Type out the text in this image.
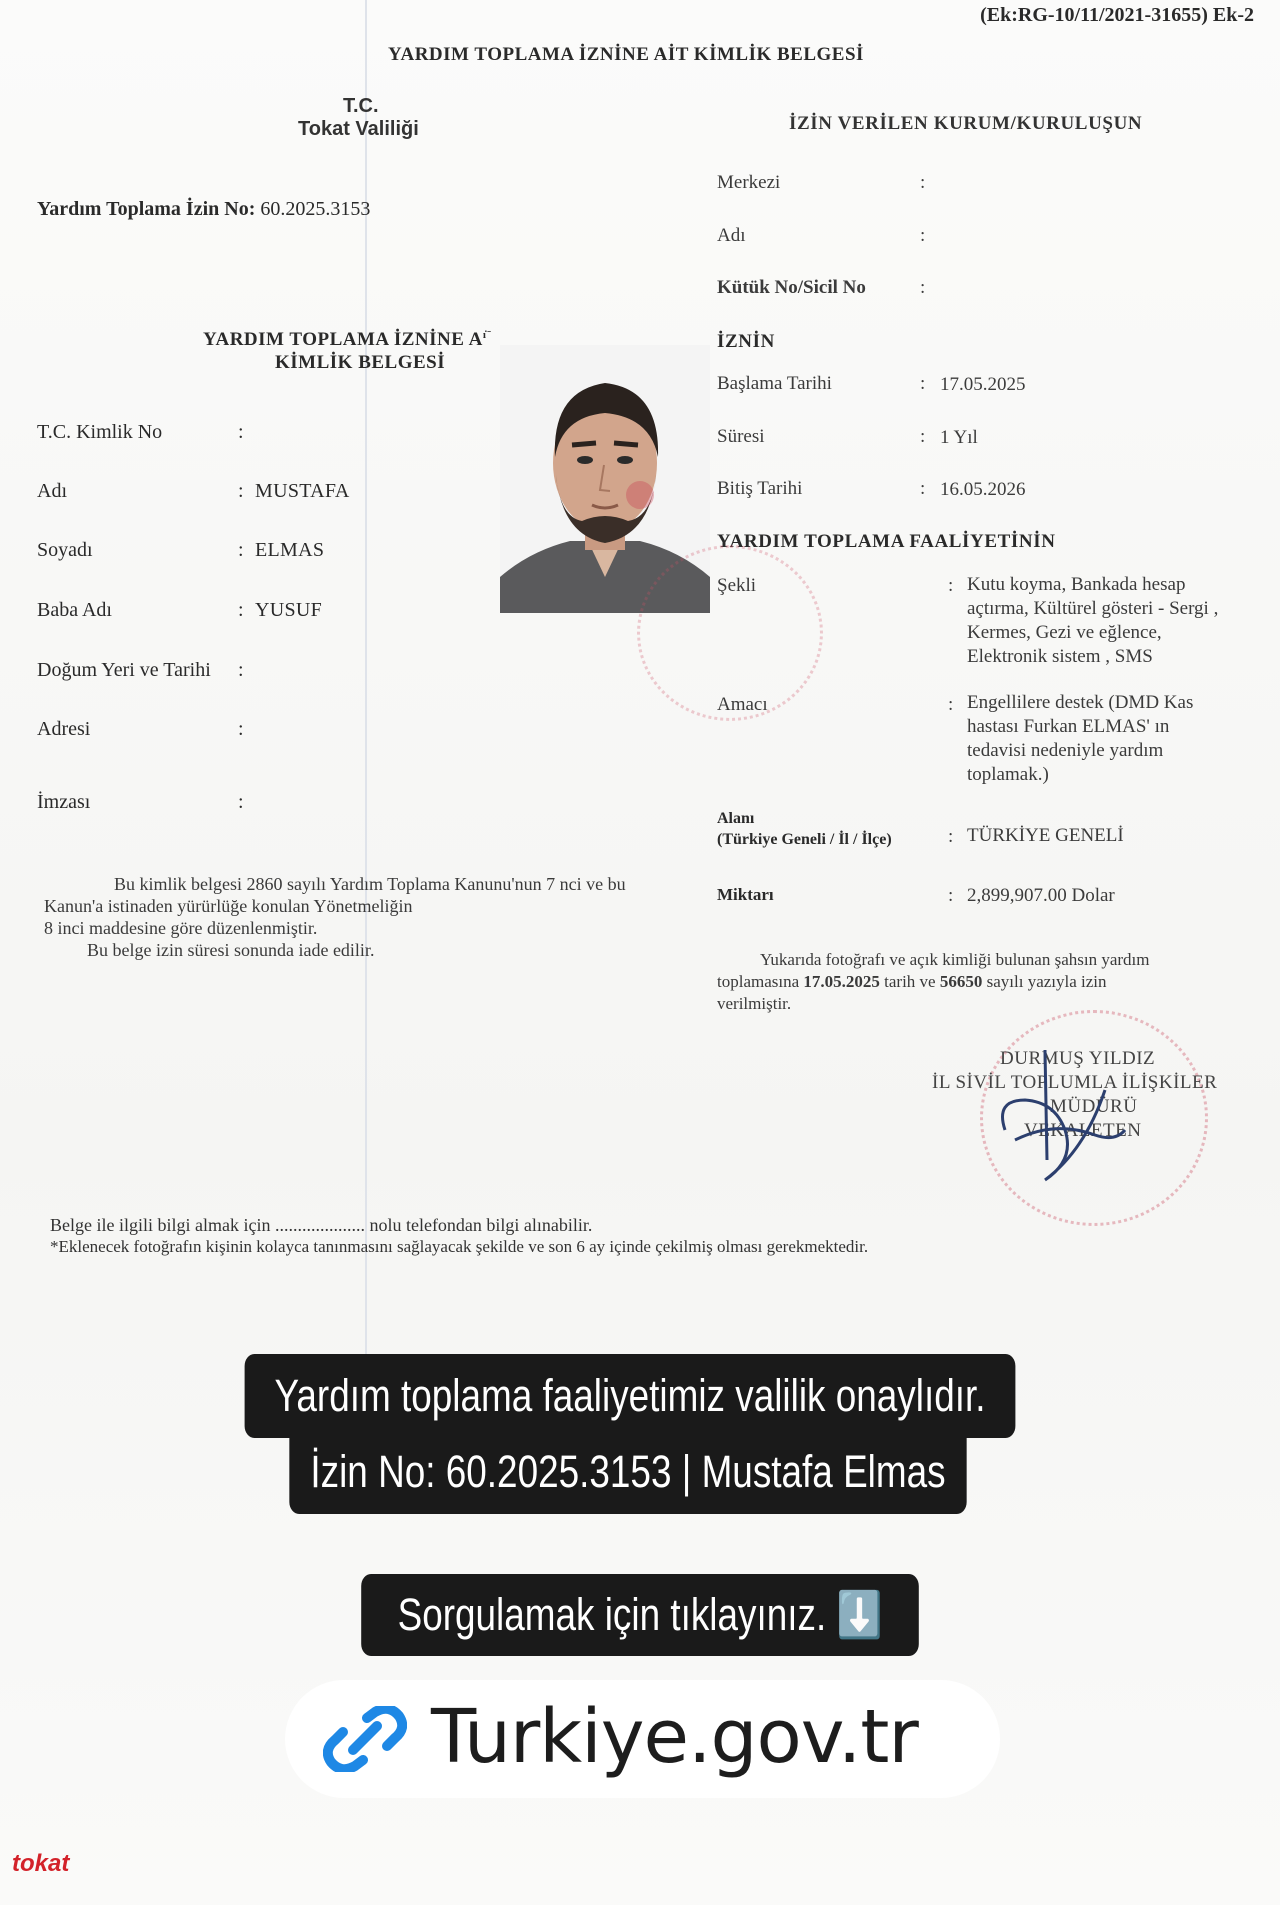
(Ek:RG-10/11/2021-31655) Ek-2
YARDIM TOPLAMA İZNİNE AİT KİMLİK BELGESİ
T.C.
Tokat Valiliği
Yardım Toplama İzin No: 60.2025.3153
YARDIM TOPLAMA İZNİNE $A^{ı̇ ̄}$
KİMLİK BELGESİ
T.C. Kimlik No	:
Adı	: MUSTAFA
Soyadı	: ELMAS
Baba Adı	: YUSUF
Doğum Yeri ve Tarihi :
Adresi	:
İmzası	:
Bu kimlik belgesi 2860 sayılı Yardım Toplama Kanunu'nun 7 nci ve bu
Kanun'a istinaden yürürlüğe konulan Yönetmeliğin
8 inci maddesine göre düzenlenmiştir.
Bu belge izin süresi sonunda iade edilir.
İZİN VERİLEN KURUM/KURULUŞUN
Merkezi	:
Adı	:
Kütük No/Sicil No	:
İZNİN
Başlama Tarihi	: 17.05.2025
Süresi	: 1 Yıl
Bitiş Tarihi	: 16.05.2026
YARDIM TOPLAMA FAALİYETİNİN
Şekli	: Kutu koyma, Bankada hesap
açtırma, Kültürel gösteri - Sergi ,
Kermes, Gezi ve eğlence,
Elektronik sistem , SMS
Amacı	: Engellilere destek (DMD Kas
hastası Furkan ELMAS' ın
tedavisi nedeniyle yardım
toplamak.)
Alanı
(Türkiye Geneli / İl / İlçe)	: TÜRKİYE GENELİ
Miktarı	: 2,899,907.00 Dolar
Yukarıda fotoğrafı ve açık kimliği bulunan şahsın yardım
toplamasına 17.05.2025 tarih ve 56650 sayılı yazıyla izin
verilmiştir.
DURMUŞ YILDIZ
İL SİVİL TOPLUMLA İLİŞKİLER
MÜDÜRÜ
VEKALETEN
Belge ile ilgili bilgi almak için .................... nolu telefondan bilgi alınabilir.
*Eklenecek fotoğrafın kişinin kolayca tanınmasını sağlayacak şekilde ve son 6 ay içinde çekilmiş olması gerekmektedir.
Yardım toplama faaliyetimiz valilik onaylıdır.
İzin No: 60.2025.3153 | Mustafa Elmas
Sorgulamak için tıklayınız. ⬇️
Turkiye.gov.tr
tokat
